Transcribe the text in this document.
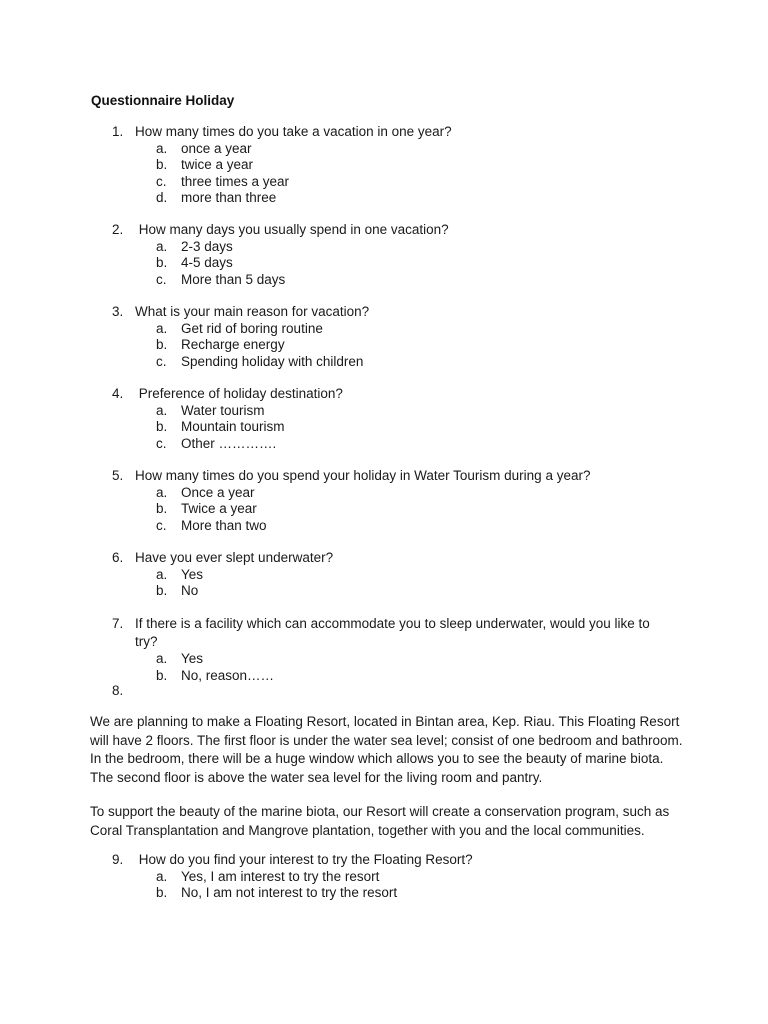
Questionnaire Holiday
1. How many times do you take a vacation in one year?
a.	once a year
b.	twice a year
c.	three times a year
d.	more than three
2. How many days you usually spend in one vacation?
a.	2-3 days
b.	4-5 days
c.	More than 5 days
3. What is your main reason for vacation?
a.	Get rid of boring routine
b.	Recharge energy
c.	Spending holiday with children
4. Preference of holiday destination?
a.	Water tourism
b.	Mountain tourism
c.	Other ………….
5. How many times do you spend your holiday in Water Tourism during a year?
a.	Once a year
b.	Twice a year
c.	More than two
6. Have you ever slept underwater?
a.	Yes
b.	No
7. If there is a facility which can accommodate you to sleep underwater, would you like to try?
a.	Yes
b.	No, reason……
8.

We are planning to make a Floating Resort, located in Bintan area, Kep. Riau. This Floating Resort will have 2 floors. The first floor is under the water sea level; consist of one bedroom and bathroom. In the bedroom, there will be a huge window which allows you to see the beauty of marine biota. The second floor is above the water sea level for the living room and pantry.

To support the beauty of the marine biota, our Resort will create a conservation program, such as Coral Transplantation and Mangrove plantation, together with you and the local communities.

9. How do you find your interest to try the Floating Resort?
a.	Yes, I am interest to try the resort
b.	No, I am not interest to try the resort
